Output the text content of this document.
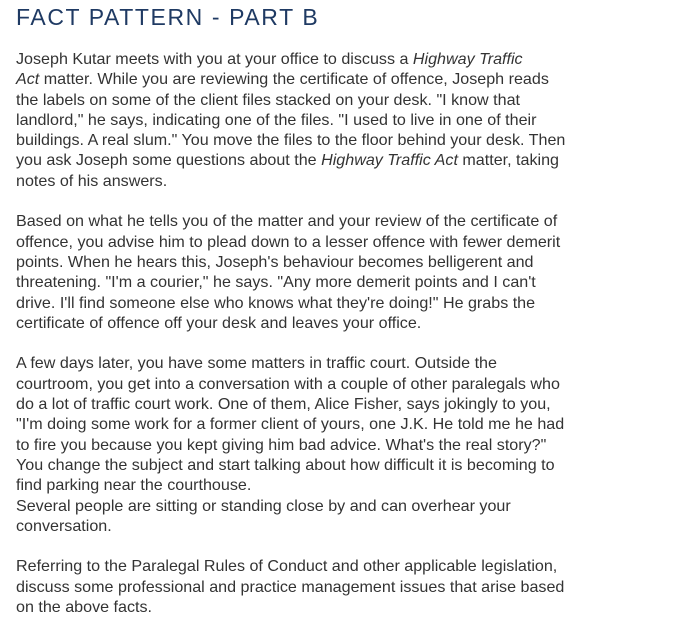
FACT PATTERN - PART B
Joseph Kutar meets with you at your office to discuss a Highway Traffic
Act matter. While you are reviewing the certificate of offence, Joseph reads
the labels on some of the client files stacked on your desk. "I know that
landlord," he says, indicating one of the files. "I used to live in one of their
buildings. A real slum." You move the files to the floor behind your desk. Then
you ask Joseph some questions about the Highway Traffic Act matter, taking
notes of his answers.
Based on what he tells you of the matter and your review of the certificate of
offence, you advise him to plead down to a lesser offence with fewer demerit
points. When he hears this, Joseph's behaviour becomes belligerent and
threatening. "I'm a courier," he says. "Any more demerit points and I can't
drive. I'll find someone else who knows what they're doing!" He grabs the
certificate of offence off your desk and leaves your office.
A few days later, you have some matters in traffic court. Outside the
courtroom, you get into a conversation with a couple of other paralegals who
do a lot of traffic court work. One of them, Alice Fisher, says jokingly to you,
"I'm doing some work for a former client of yours, one J.K. He told me he had
to fire you because you kept giving him bad advice. What's the real story?"
You change the subject and start talking about how difficult it is becoming to
find parking near the courthouse.
Several people are sitting or standing close by and can overhear your
conversation.
Referring to the Paralegal Rules of Conduct and other applicable legislation,
discuss some professional and practice management issues that arise based
on the above facts.
